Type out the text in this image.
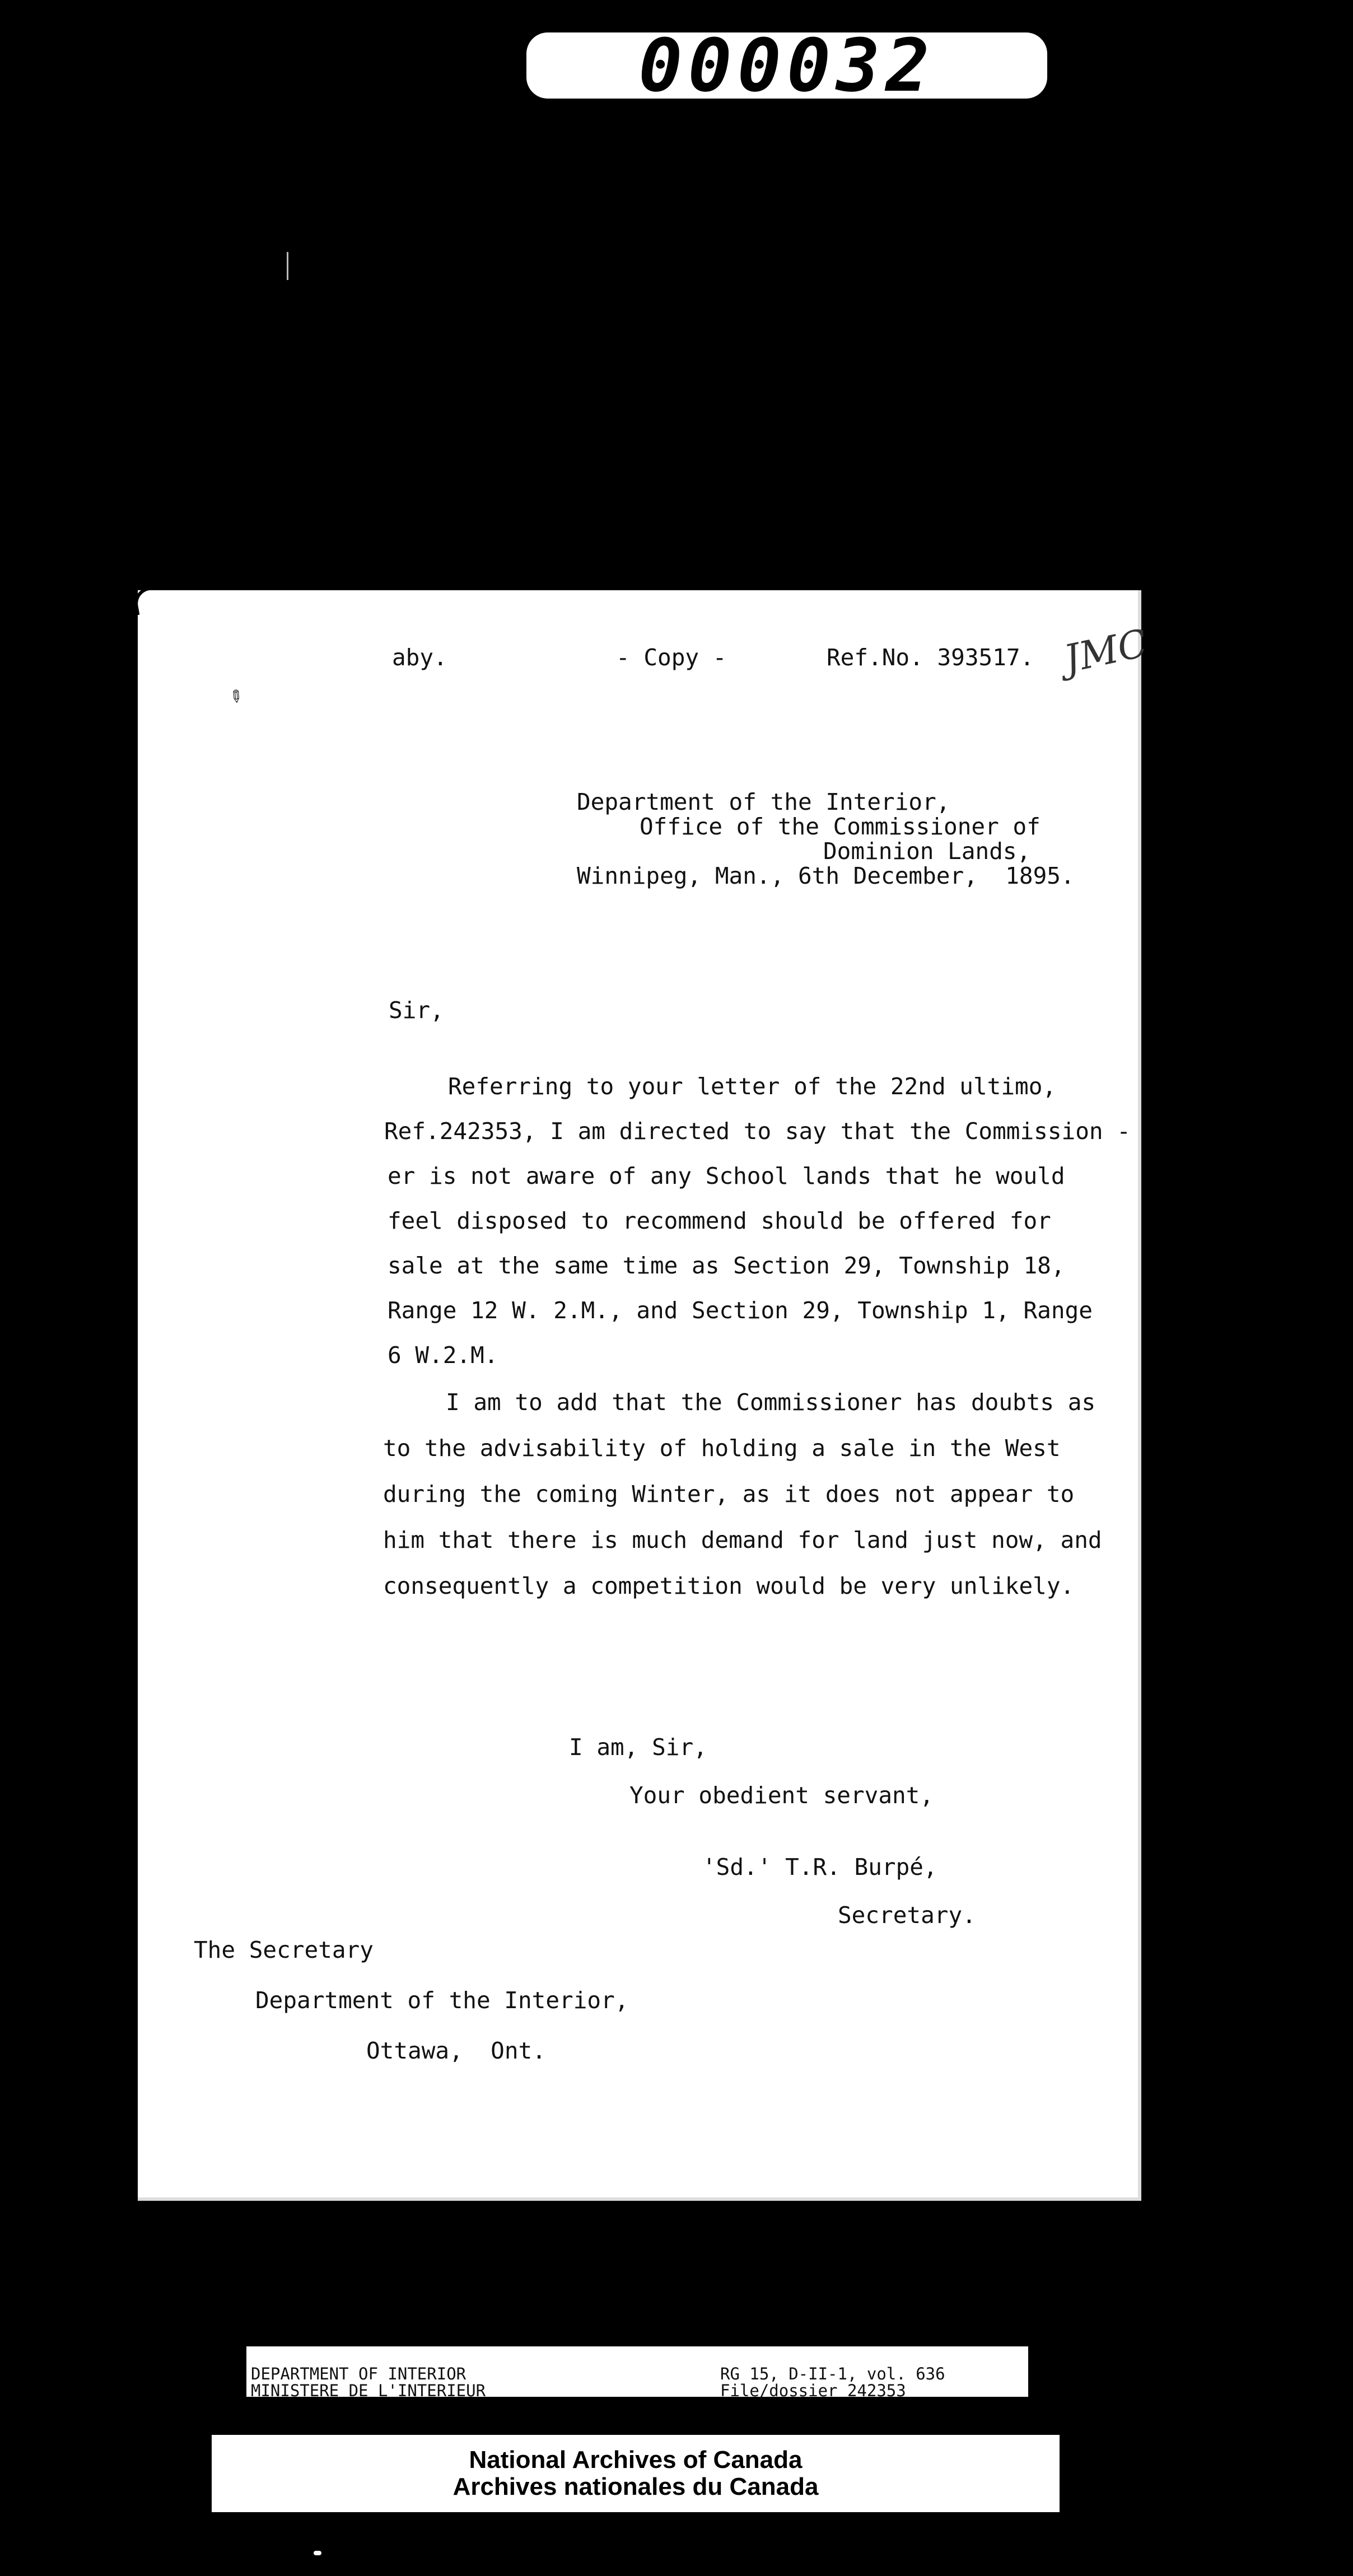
000032
✎
aby.	- Copy -	Ref.No. 393517. JMC
Department of the Interior,
Office of the Commissioner of
Dominion Lands,
Winnipeg, Man., 6th December,  1895.
Sir,
Referring to your letter of the 22nd ultimo,
Ref.242353, I am directed to say that the Commission -
er is not aware of any School lands that he would
feel disposed to recommend should be offered for
sale at the same time as Section 29, Township 18,
Range 12 W. 2.M., and Section 29, Township 1, Range
6 W.2.M.
I am to add that the Commissioner has doubts as
to the advisability of holding a sale in the West
during the coming Winter, as it does not appear to
him that there is much demand for land just now, and
consequently a competition would be very unlikely.
I am, Sir,
Your obedient servant,
'Sd.' T.R. Burpé,
Secretary.
The Secretary
Department of the Interior,
Ottawa,  Ont.
DEPARTMENT OF INTERIOR
MINISTERE DE L'INTERIEUR
RG 15, D-II-1, vol. 636
File/dossier 242353
National Archives of Canada
Archives nationales du Canada
